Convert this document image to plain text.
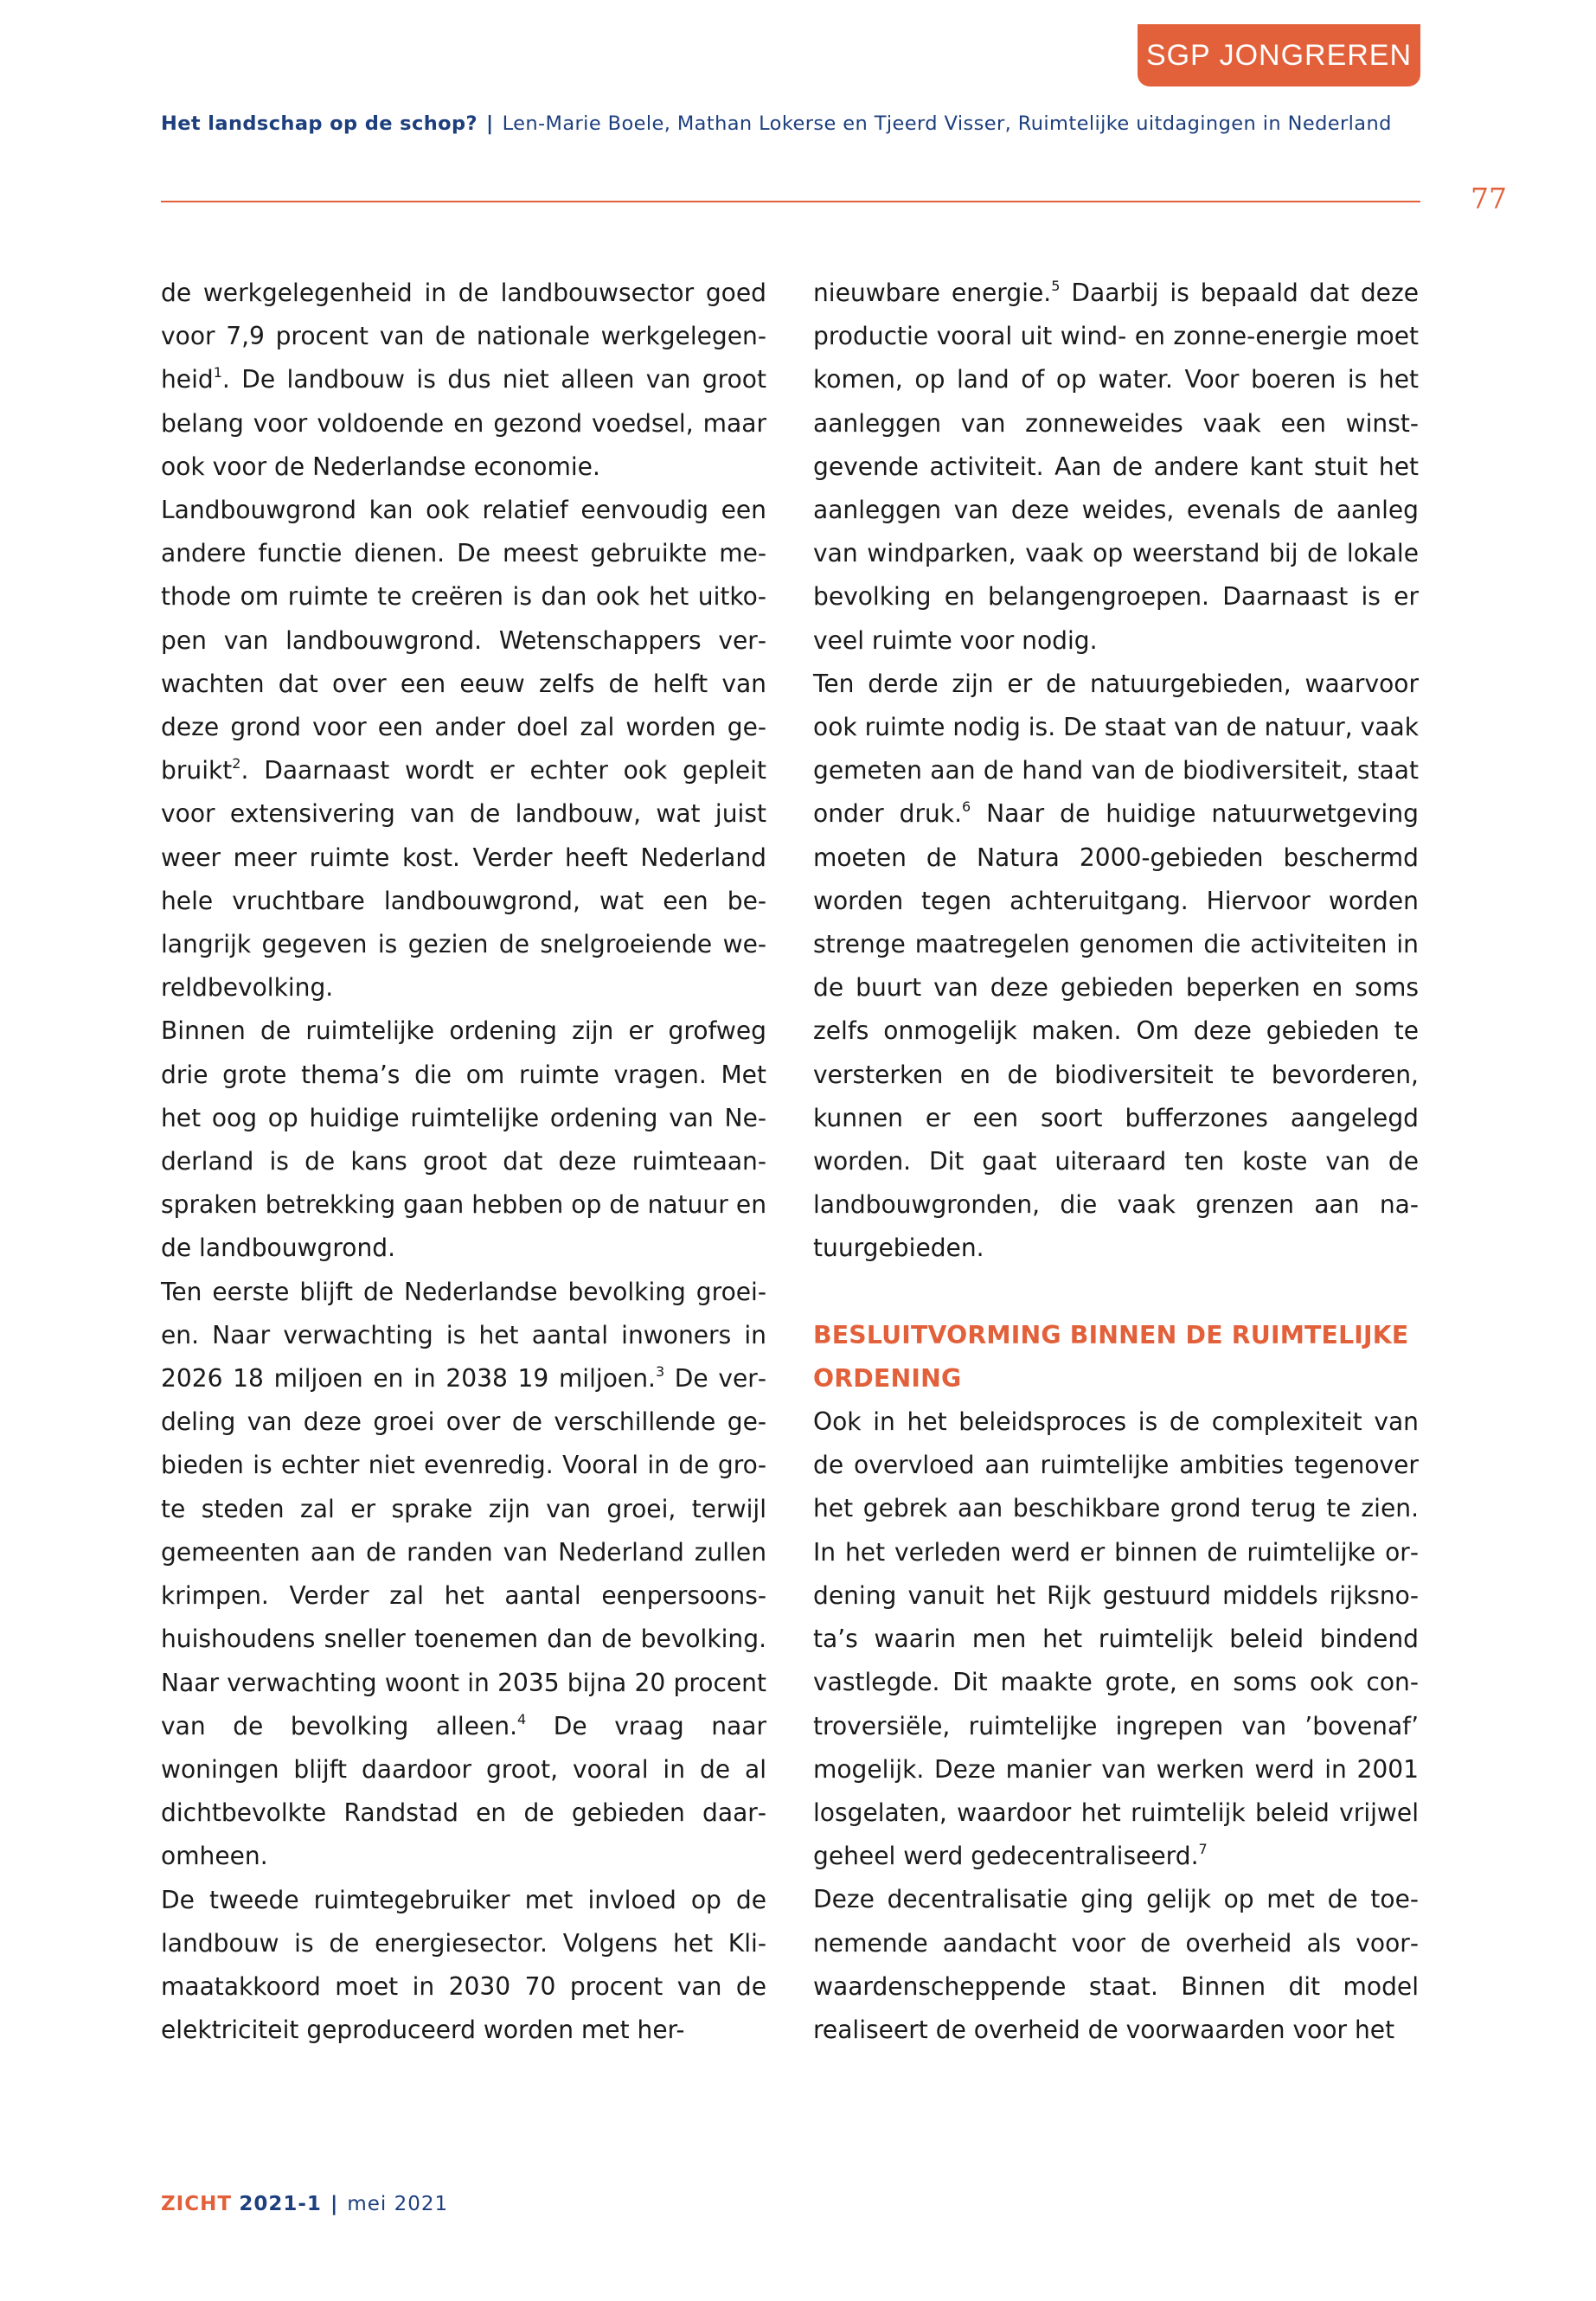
SGP JONGREREN
Het landschap op de schop? | Len-Marie Boele, Mathan Lokerse en Tjeerd Visser, Ruimtelijke uitdagingen in Nederland
77

de werkgelegenheid in de landbouwsector goed voor 7,9 procent van de nationale werkgelegenheid$^1$. De landbouw is dus niet alleen van groot belang voor voldoende en gezond voedsel, maar ook voor de Nederlandse economie.

Landbouwgrond kan ook relatief eenvoudig een andere functie dienen. De meest gebruikte methode om ruimte te creëren is dan ook het uitkopen van landbouwgrond. Wetenschappers verwachten dat over een eeuw zelfs de helft van deze grond voor een ander doel zal worden gebruikt$^2$. Daarnaast wordt er echter ook gepleit voor extensivering van de landbouw, wat juist weer meer ruimte kost. Verder heeft Nederland hele vruchtbare landbouwgrond, wat een belangrijk gegeven is gezien de snelgroeiende wereldbevolking.

Binnen de ruimtelijke ordening zijn er grofweg drie grote thema’s die om ruimte vragen. Met het oog op huidige ruimtelijke ordening van Nederland is de kans groot dat deze ruimteaanspraken betrekking gaan hebben op de natuur en de landbouwgrond.

Ten eerste blijft de Nederlandse bevolking groeien. Naar verwachting is het aantal inwoners in 2026 18 miljoen en in 2038 19 miljoen.$^3$ De verdeling van deze groei over de verschillende gebieden is echter niet evenredig. Vooral in de grote steden zal er sprake zijn van groei, terwijl gemeenten aan de randen van Nederland zullen krimpen. Verder zal het aantal eenpersoonshuishoudens sneller toenemen dan de bevolking. Naar verwachting woont in 2035 bijna 20 procent van de bevolking alleen.$^4$ De vraag naar woningen blijft daardoor groot, vooral in de al dichtbevolkte Randstad en de gebieden daaromheen.

De tweede ruimtegebruiker met invloed op de landbouw is de energiesector. Volgens het Klimaatakkoord moet in 2030 70 procent van de elektriciteit geproduceerd worden met her-

nieuwbare energie.$^5$ Daarbij is bepaald dat deze productie vooral uit wind- en zonne-energie moet komen, op land of op water. Voor boeren is het aanleggen van zonneweides vaak een winstgevende activiteit. Aan de andere kant stuit het aanleggen van deze weides, evenals de aanleg van windparken, vaak op weerstand bij de lokale bevolking en belangengroepen. Daarnaast is er veel ruimte voor nodig.

Ten derde zijn er de natuurgebieden, waarvoor ook ruimte nodig is. De staat van de natuur, vaak gemeten aan de hand van de biodiversiteit, staat onder druk.$^6$ Naar de huidige natuurwetgeving moeten de Natura 2000-gebieden beschermd worden tegen achteruitgang. Hiervoor worden strenge maatregelen genomen die activiteiten in de buurt van deze gebieden beperken en soms zelfs onmogelijk maken. Om deze gebieden te versterken en de biodiversiteit te bevorderen, kunnen er een soort bufferzones aangelegd worden. Dit gaat uiteraard ten koste van de landbouwgronden, die vaak grenzen aan natuurgebieden.

BESLUITVORMING BINNEN DE RUIMTELIJKE ORDENING

Ook in het beleidsproces is de complexiteit van de overvloed aan ruimtelijke ambities tegenover het gebrek aan beschikbare grond terug te zien. In het verleden werd er binnen de ruimtelijke ordening vanuit het Rijk gestuurd middels rijksnota’s waarin men het ruimtelijk beleid bindend vastlegde. Dit maakte grote, en soms ook controversiële, ruimtelijke ingrepen van ’bovenaf’ mogelijk. Deze manier van werken werd in 2001 losgelaten, waardoor het ruimtelijk beleid vrijwel geheel werd gedecentraliseerd.$^7$

Deze decentralisatie ging gelijk op met de toenemende aandacht voor de overheid als voorwaardenscheppende staat. Binnen dit model realiseert de overheid de voorwaarden voor het

ZICHT 2021-1 | mei 2021
